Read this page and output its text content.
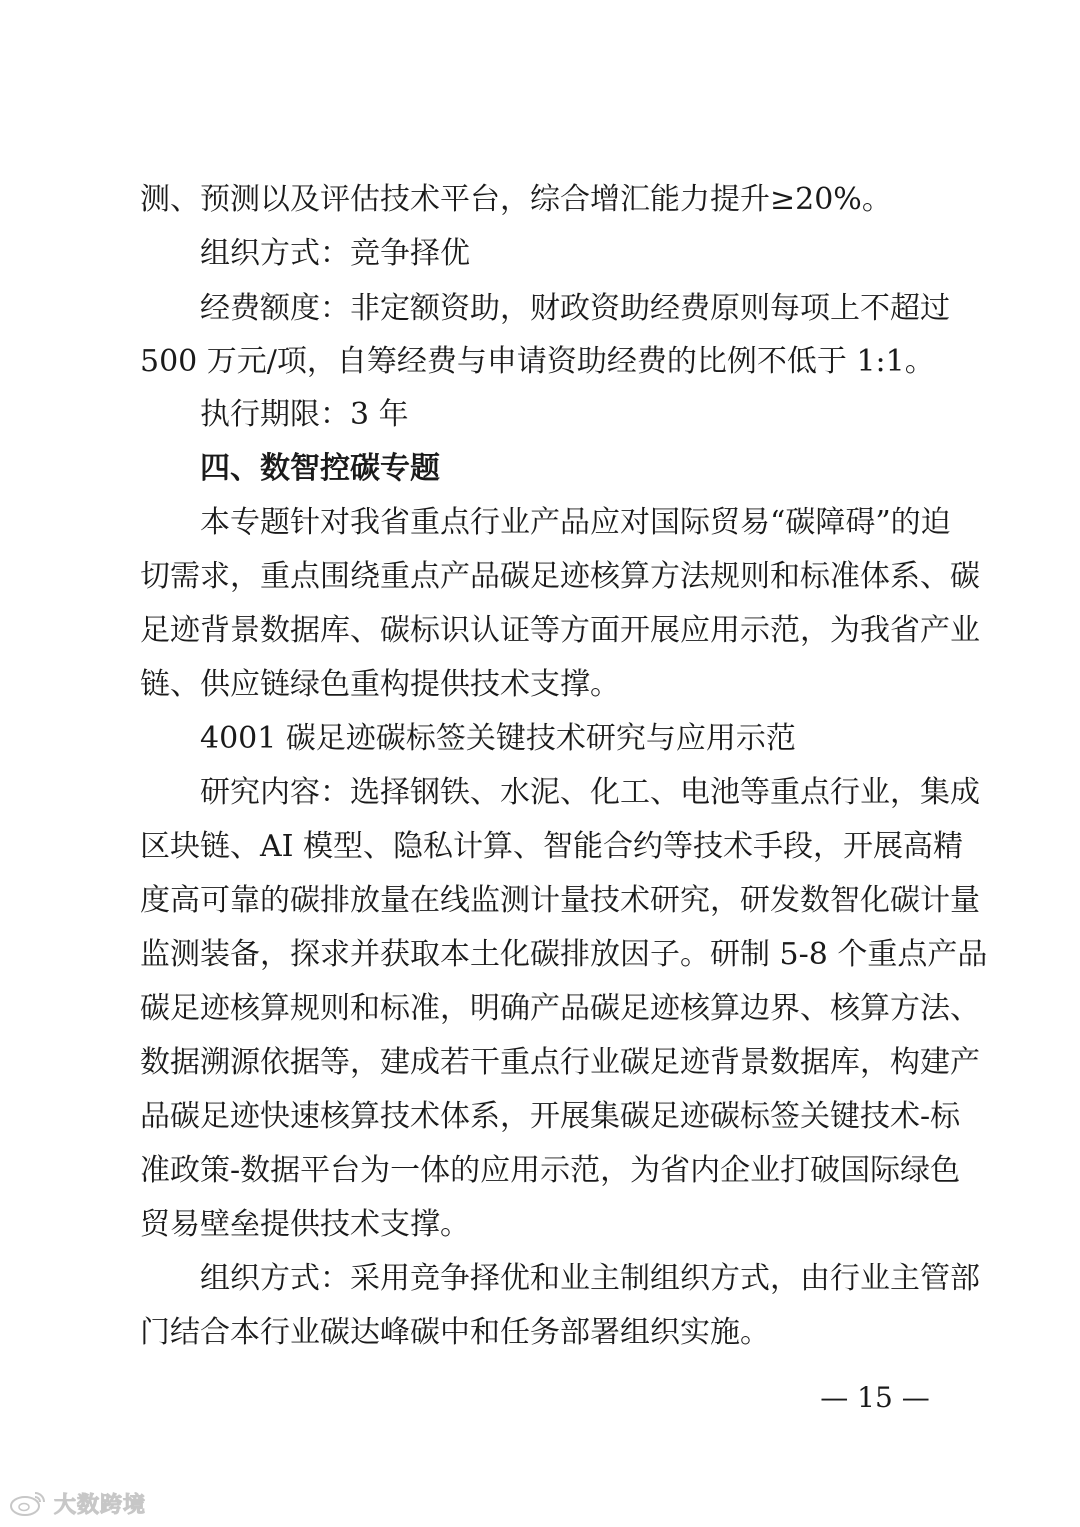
测、预测以及评估技术平台，综合增汇能力提升≥20%。
组织方式：竞争择优
经费额度：非定额资助，财政资助经费原则每项上不超过
500 万元/项，自筹经费与申请资助经费的比例不低于 1:1。
执行期限：3 年
四、数智控碳专题
本专题针对我省重点行业产品应对国际贸易“碳障碍”的迫
切需求，重点围绕重点产品碳足迹核算方法规则和标准体系、碳
足迹背景数据库、碳标识认证等方面开展应用示范，为我省产业
链、供应链绿色重构提供技术支撑。
4001 碳足迹碳标签关键技术研究与应用示范
研究内容：选择钢铁、水泥、化工、电池等重点行业，集成
区块链、AI 模型、隐私计算、智能合约等技术手段，开展高精
度高可靠的碳排放量在线监测计量技术研究，研发数智化碳计量
监测装备，探求并获取本土化碳排放因子。研制 5-8 个重点产品
碳足迹核算规则和标准，明确产品碳足迹核算边界、核算方法、
数据溯源依据等，建成若干重点行业碳足迹背景数据库，构建产
品碳足迹快速核算技术体系，开展集碳足迹碳标签关键技术-标
准政策-数据平台为一体的应用示范，为省内企业打破国际绿色
贸易壁垒提供技术支撑。
组织方式：采用竞争择优和业主制组织方式，由行业主管部
门结合本行业碳达峰碳中和任务部署组织实施。
— 15 —
大数跨境
